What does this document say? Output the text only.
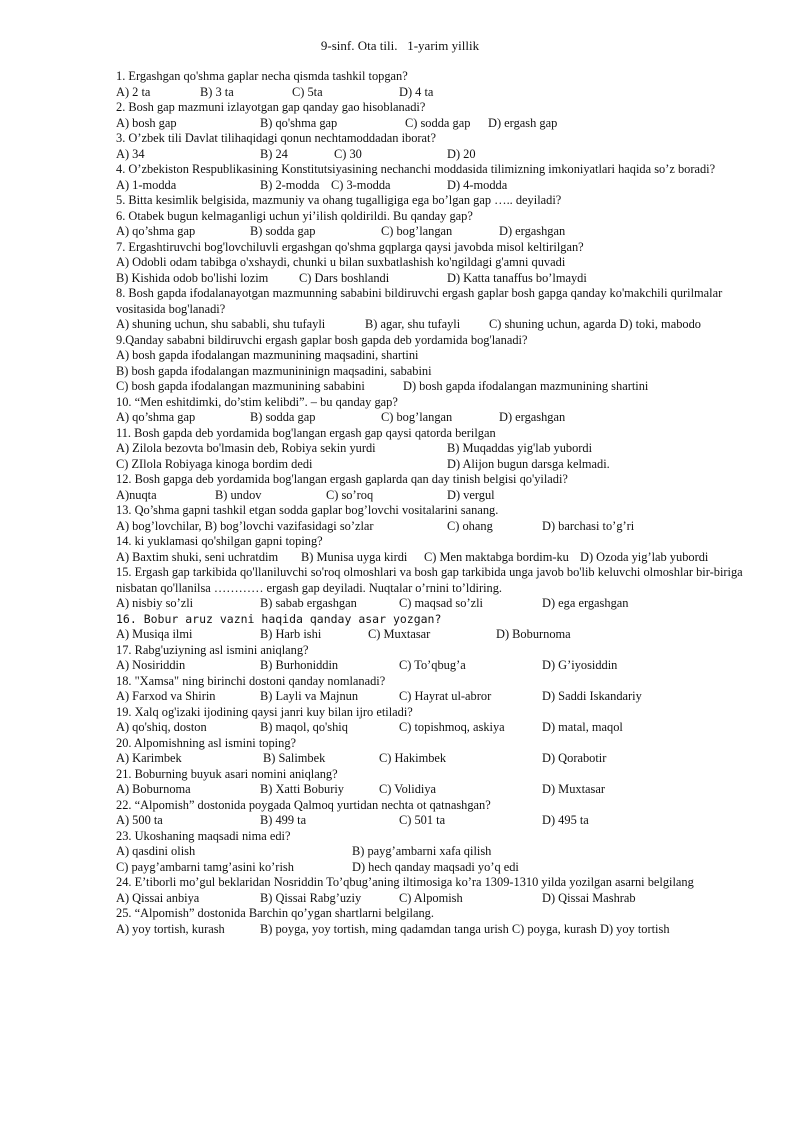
9-sinf. Ota tili.   1-yarim yillik
1. Ergashgan qo'shma gaplar necha qismda tashkil topgan?
A) 2 ta	B) 3 ta	C) 5ta	D) 4 ta
2. Bosh gap mazmuni izlayotgan gap qanday gao hisoblanadi?
A) bosh gap	B) qo'shma gap	C) sodda gap D) ergash gap
3. O’zbek tili Davlat tilihaqidagi qonun nechtamoddadan iborat?
A) 34	B) 24	C) 30	D) 20
4. O’zbekiston Respublikasining Konstitutsiyasining nechanchi moddasida tilimizning imkoniyatlari haqida so’z boradi?
A) 1-modda	B) 2-modda C) 3-modda	D) 4-modda
5. Bitta kesimlik belgisida, mazmuniy va ohang tugalligiga ega bo’lgan gap ….. deyiladi?
6. Otabek bugun kelmaganligi uchun yi’ilish qoldirildi. Bu qanday gap?
A) qo’shma gap	B) sodda gap	C) bog’langan	D) ergashgan
7. Ergashtiruvchi bog'lovchiluvli ergashgan qo'shma gqplarga qaysi javobda misol keltirilgan?
A) Odobli odam tabibga o'xshaydi, chunki u bilan suxbatlashish ko'ngildagi g'amni quvadi
B) Kishida odob bo'lishi lozim C) Dars boshlandi	D) Katta tanaffus bo’lmaydi
8. Bosh gapda ifodalanayotgan mazmunning sababini bildiruvchi ergash gaplar bosh gapga qanday ko'makchili qurilmalar vositasida bog'lanadi?
A) shuning uchun, shu sababli, shu tufayli	B) agar, shu tufayli C) shuning uchun, agarda D) toki, mabodo
9.Qanday sababni bildiruvchi ergash gaplar bosh gapda deb yordamida bog'lanadi?
A) bosh gapda ifodalangan mazmunining maqsadini, shartini
B) bosh gapda ifodalangan mazmunininign maqsadini, sababini
C) bosh gapda ifodalangan mazmunining sababini	D) bosh gapda ifodalangan mazmunining shartini
10. “Men eshitdimki, do’stim kelibdi”. – bu qanday gap?
A) qo’shma gap	B) sodda gap	C) bog’langan	D) ergashgan
11. Bosh gapda deb yordamida bog'langan ergash gap qaysi qatorda berilgan
A) Zilola bezovta bo'lmasin deb, Robiya sekin yurdi	B) Muqaddas yig'lab yubordi
C) ZIlola Robiyaga kinoga bordim dedi	D) Alijon bugun darsga kelmadi.
12. Bosh gapga deb yordamida bog'langan ergash gaplarda qan day tinish belgisi qo'yiladi?
A)nuqta	B) undov	C) so’roq	D) vergul
13. Qo’shma gapni tashkil etgan sodda gaplar bog’lovchi vositalarini sanang.
A) bog’lovchilar, B) bog’lovchi vazifasidagi so’zlar	C) ohang	D) barchasi to’g’ri
14. ki yuklamasi qo'shilgan gapni toping?
A) Baxtim shuki, seni uchratdim B) Munisa uyga kirdi C) Men maktabga bordim-ku D) Ozoda yig’lab yubordi
15. Ergash gap tarkibida qo'llaniluvchi so'roq olmoshlari va bosh gap tarkibida unga javob bo'lib keluvchi olmoshlar bir-biriga nisbatan qo'llanilsa ………… ergash gap deyiladi. Nuqtalar o’rnini to’ldiring.
A) nisbiy so’zli	B) sabab ergashgan	C) maqsad so’zli	D) ega ergashgan
16. Bobur aruz vazni haqida qanday asar yozgan?
A) Musiqa ilmi	B) Harb ishi	C) Muxtasar	D) Boburnoma
17. Rabg'uziyning asl ismini aniqlang?
A) Nosiriddin	B) Burhoniddin	C) To’qbug’a	D) G’iyosiddin
18. "Xamsa" ning birinchi dostoni qanday nomlanadi?
A) Farxod va Shirin	B) Layli va Majnun	C) Hayrat ul-abror	D) Saddi Iskandariy
19. Xalq og'izaki ijodining qaysi janri kuy bilan ijro etiladi?
A) qo'shiq, doston	B) maqol, qo'shiq	C) topishmoq, askiya	D) matal, maqol
20. Alpomishning asl ismini toping?
A) Karimbek	B) Salimbek	C) Hakimbek	D) Qorabotir
21. Boburning buyuk asari nomini aniqlang?
A) Boburnoma	B) Xatti Boburiy	C) Volidiya	D) Muxtasar
22. “Alpomish” dostonida poygada Qalmoq yurtidan nechta ot qatnashgan?
A) 500 ta	B) 499 ta	C) 501 ta	D) 495 ta
23. Ukoshaning maqsadi nima edi?
A) qasdini olish	B) payg’ambarni xafa qilish
C) payg’ambarni tamg’asini ko’rish	D) hech qanday maqsadi yo’q edi
24. E’tiborli mo’gul beklaridan Nosriddin To’qbug’aning iltimosiga ko’ra 1309-1310 yilda yozilgan asarni belgilang
A) Qissai anbiya	B) Qissai Rabg’uziy	C) Alpomish	D) Qissai Mashrab
25. “Alpomish” dostonida Barchin qo’ygan shartlarni belgilang.
A) yoy tortish, kurash	B) poyga, yoy tortish, ming qadamdan tanga urish C) poyga, kurash D) yoy tortish
